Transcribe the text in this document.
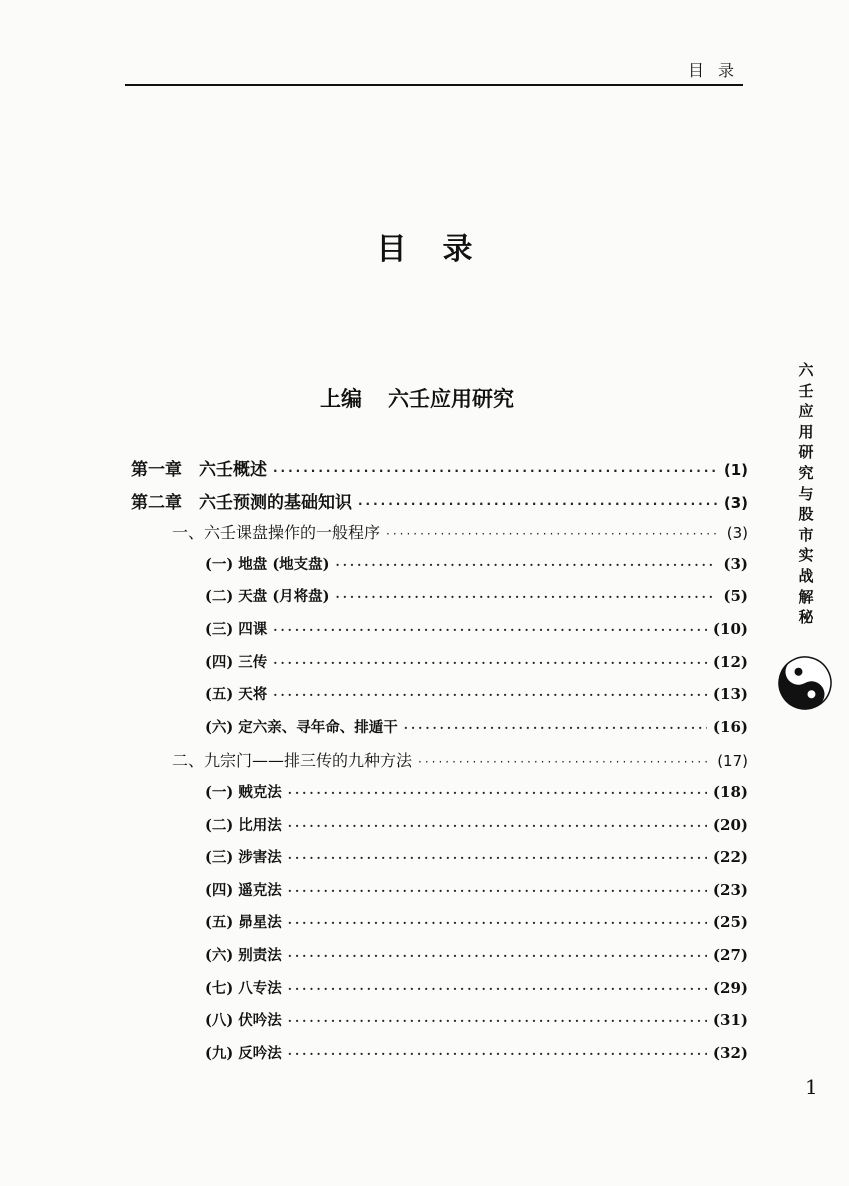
目录
目录
上编 六壬应用研究
第一章　六壬概述 ·····	(1)
第二章　六壬预测的基础知识 ·····	(3)
一、六壬课盘操作的一般程序 ·····	(3)
(一) 地盘 (地支盘) ·····	(3)
(二) 天盘 (月将盘) ·····	(5)
(三) 四课 ·····	(10)
(四) 三传 ·····	(12)
(五) 天将 ·····	(13)
(六) 定六亲、寻年命、排遁干 ·····	(16)
二、九宗门——排三传的九种方法 ·····	(17)
(一) 贼克法 ·····	(18)
(二) 比用法 ·····	(20)
(三) 涉害法 ·····	(22)
(四) 遥克法 ·····	(23)
(五) 昴星法 ·····	(25)
(六) 别责法 ·····	(27)
(七) 八专法 ·····	(29)
(八) 伏吟法 ·····	(31)
(九) 反吟法 ·····	(32)
六壬应用研究与股市实战解秘
1
